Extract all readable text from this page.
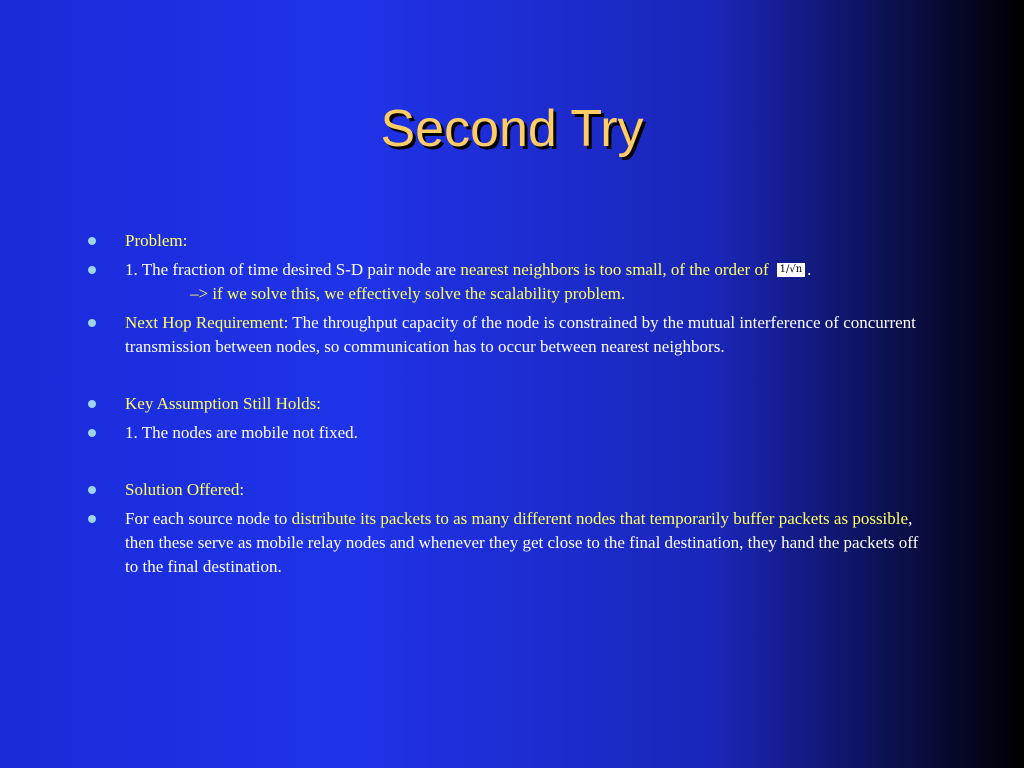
Second Try
Problem:
1. The fraction of time desired S-D pair node are nearest neighbors is too small, of the order of 1/√n .
–> if we solve this, we effectively solve the scalability problem.
Next Hop Requirement: The throughput capacity of the node is constrained by the mutual interference of concurrent transmission between nodes, so communication has to occur between nearest neighbors.
Key Assumption Still Holds:
1. The nodes are mobile not fixed.
Solution Offered:
For each source node to distribute its packets to as many different nodes that temporarily buffer packets as possible, then these serve as mobile relay nodes and whenever they get close to the final destination, they hand the packets off to the final destination.
